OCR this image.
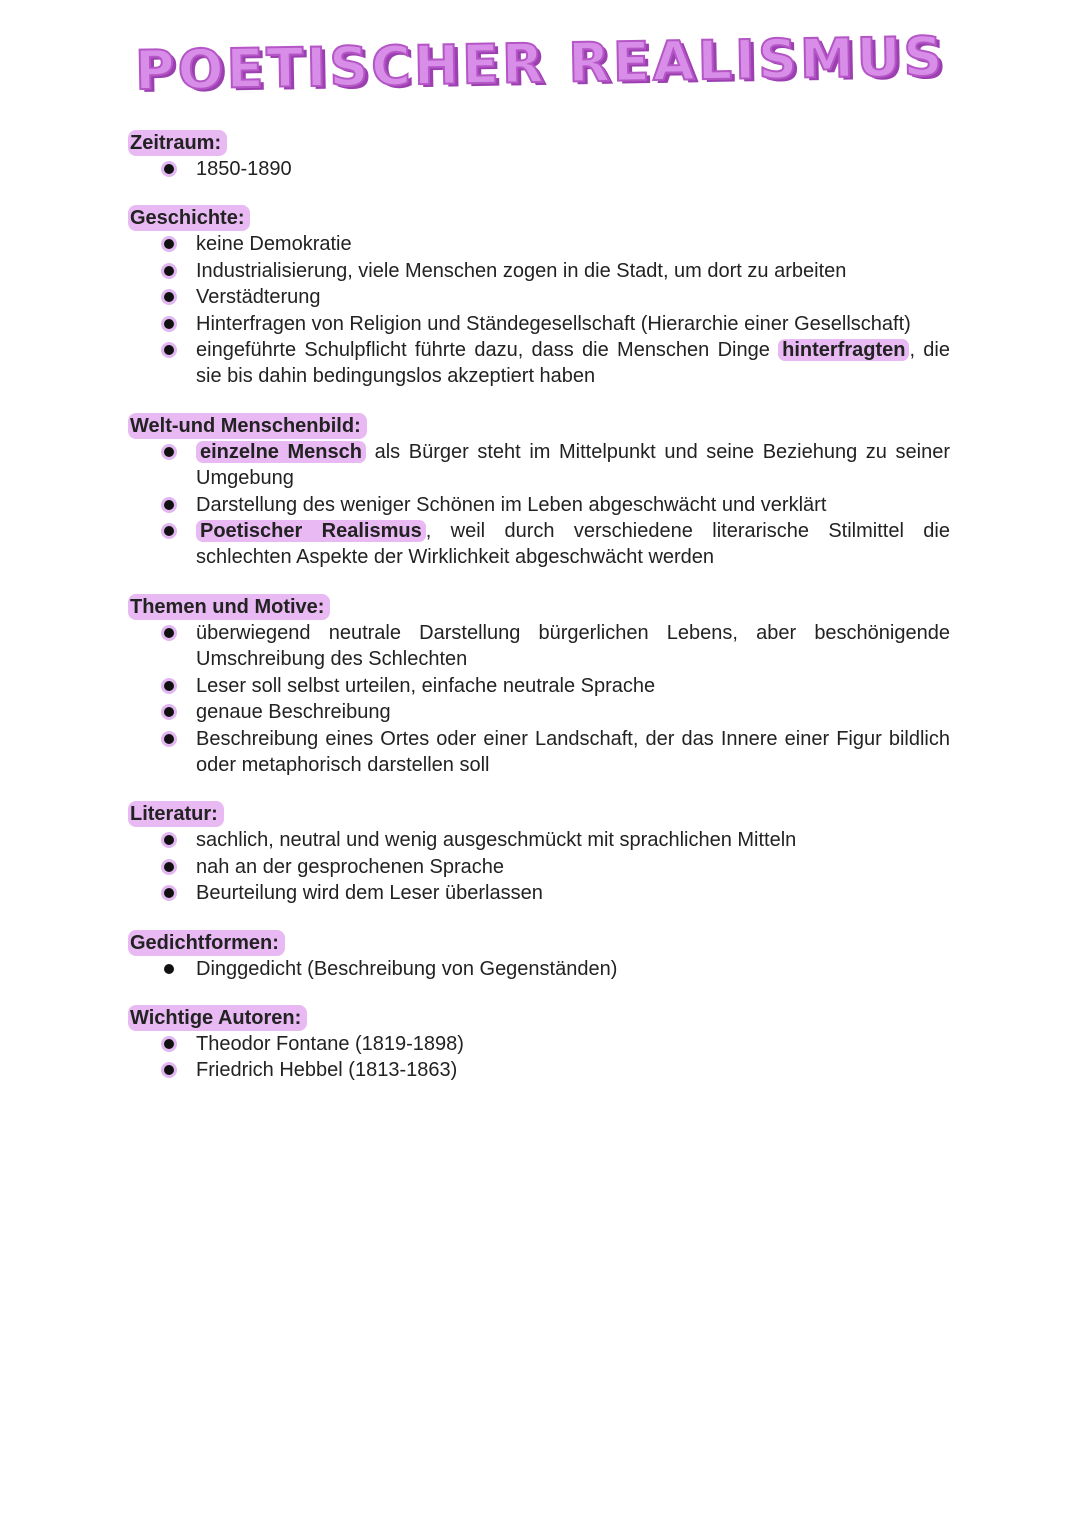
POETISCHER REALISMUS
Zeitraum:
1850-1890
Geschichte:
keine Demokratie
Industrialisierung, viele Menschen zogen in die Stadt, um dort zu arbeiten
Verstädterung
Hinterfragen von Religion und Ständegesellschaft (Hierarchie einer Gesellschaft)
eingeführte Schulpflicht führte dazu, dass die Menschen Dinge hinterfragten , die sie bis dahin bedingungslos akzeptiert haben
Welt-und Menschenbild:
einzelne Mensch als Bürger steht im Mittelpunkt und seine Beziehung zu seiner Umgebung
Darstellung des weniger Schönen im Leben abgeschwächt und verklärt
Poetischer Realismus , weil durch verschiedene literarische Stilmittel die schlechten Aspekte der Wirklichkeit abgeschwächt werden
Themen und Motive:
überwiegend neutrale Darstellung bürgerlichen Lebens, aber beschönigende Umschreibung des Schlechten
Leser soll selbst urteilen, einfache neutrale Sprache
genaue Beschreibung
Beschreibung eines Ortes oder einer Landschaft, der das Innere einer Figur bildlich oder metaphorisch darstellen soll
Literatur:
sachlich, neutral und wenig ausgeschmückt mit sprachlichen Mitteln
nah an der gesprochenen Sprache
Beurteilung wird dem Leser überlassen
Gedichtformen:
Dinggedicht (Beschreibung von Gegenständen)
Wichtige Autoren:
Theodor Fontane (1819-1898)
Friedrich Hebbel (1813-1863)
